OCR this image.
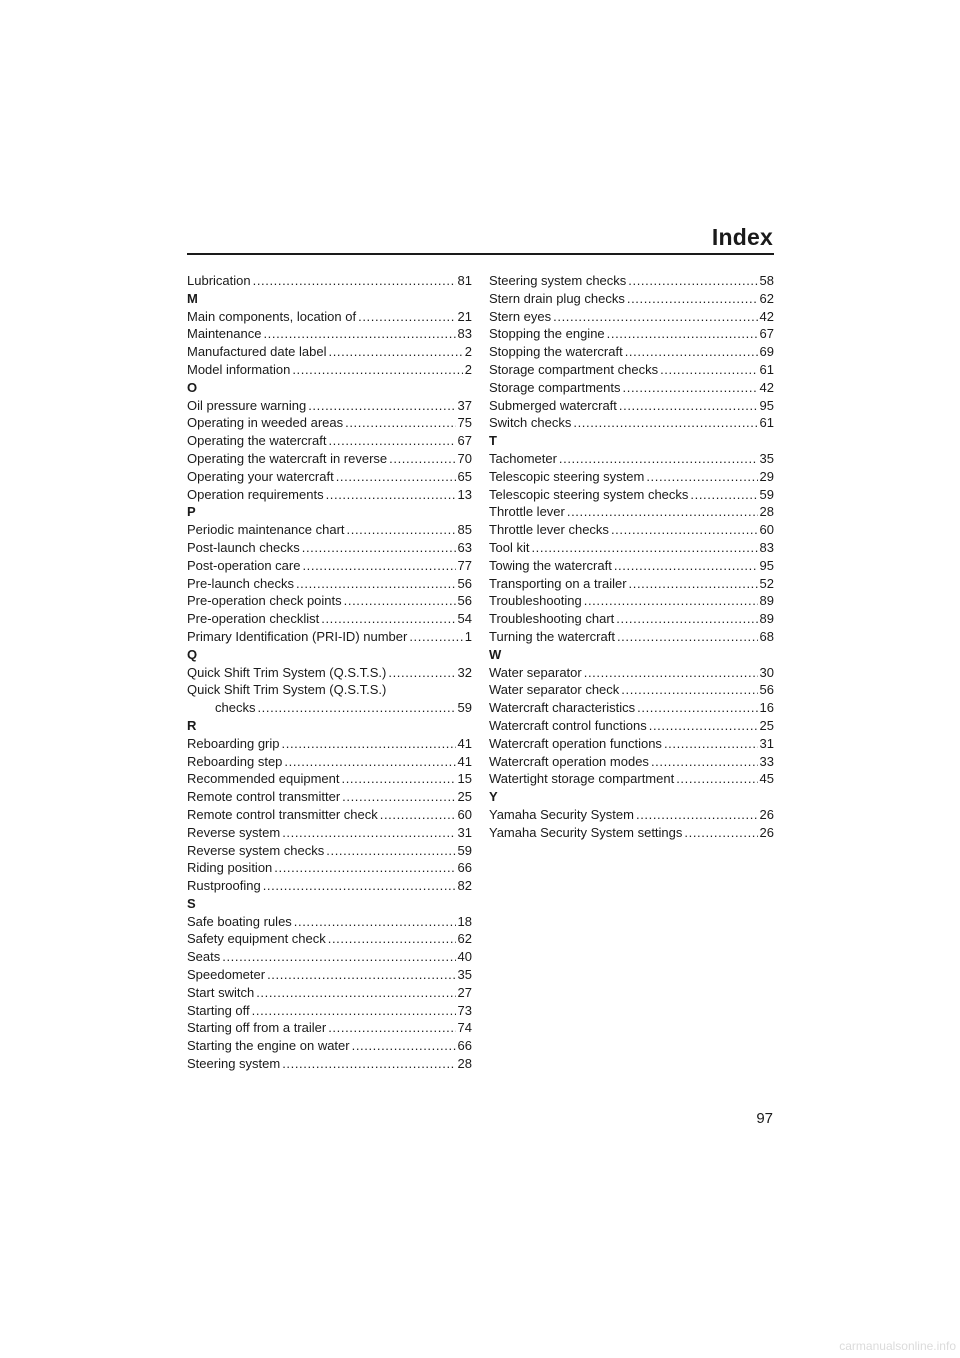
Index
Lubrication .....	81
M
Main components, location of .....	21
Maintenance .....	83
Manufactured date label .....	2
Model information .....	2
O
Oil pressure warning .....	37
Operating in weeded areas .....	75
Operating the watercraft .....	67
Operating the watercraft in reverse .....	70
Operating your watercraft .....	65
Operation requirements .....	13
P
Periodic maintenance chart .....	85
Post-launch checks .....	63
Post-operation care .....	77
Pre-launch checks .....	56
Pre-operation check points .....	56
Pre-operation checklist .....	54
Primary Identification (PRI-ID) number .....	1
Q
Quick Shift Trim System (Q.S.T.S.) .....	32
Quick Shift Trim System (Q.S.T.S.)
checks .....	59
R
Reboarding grip .....	41
Reboarding step .....	41
Recommended equipment .....	15
Remote control transmitter .....	25
Remote control transmitter check .....	60
Reverse system .....	31
Reverse system checks .....	59
Riding position .....	66
Rustproofing .....	82
S
Safe boating rules .....	18
Safety equipment check .....	62
Seats .....	40
Speedometer .....	35
Start switch .....	27
Starting off .....	73
Starting off from a trailer .....	74
Starting the engine on water .....	66
Steering system .....	28
Steering system checks .....	58
Stern drain plug checks .....	62
Stern eyes .....	42
Stopping the engine .....	67
Stopping the watercraft .....	69
Storage compartment checks .....	61
Storage compartments .....	42
Submerged watercraft .....	95
Switch checks .....	61
T
Tachometer .....	35
Telescopic steering system .....	29
Telescopic steering system checks .....	59
Throttle lever .....	28
Throttle lever checks .....	60
Tool kit .....	83
Towing the watercraft .....	95
Transporting on a trailer .....	52
Troubleshooting .....	89
Troubleshooting chart .....	89
Turning the watercraft .....	68
W
Water separator .....	30
Water separator check .....	56
Watercraft characteristics .....	16
Watercraft control functions .....	25
Watercraft operation functions .....	31
Watercraft operation modes .....	33
Watertight storage compartment .....	45
Y
Yamaha Security System .....	26
Yamaha Security System settings .....	26
97
carmanualsonline.info
